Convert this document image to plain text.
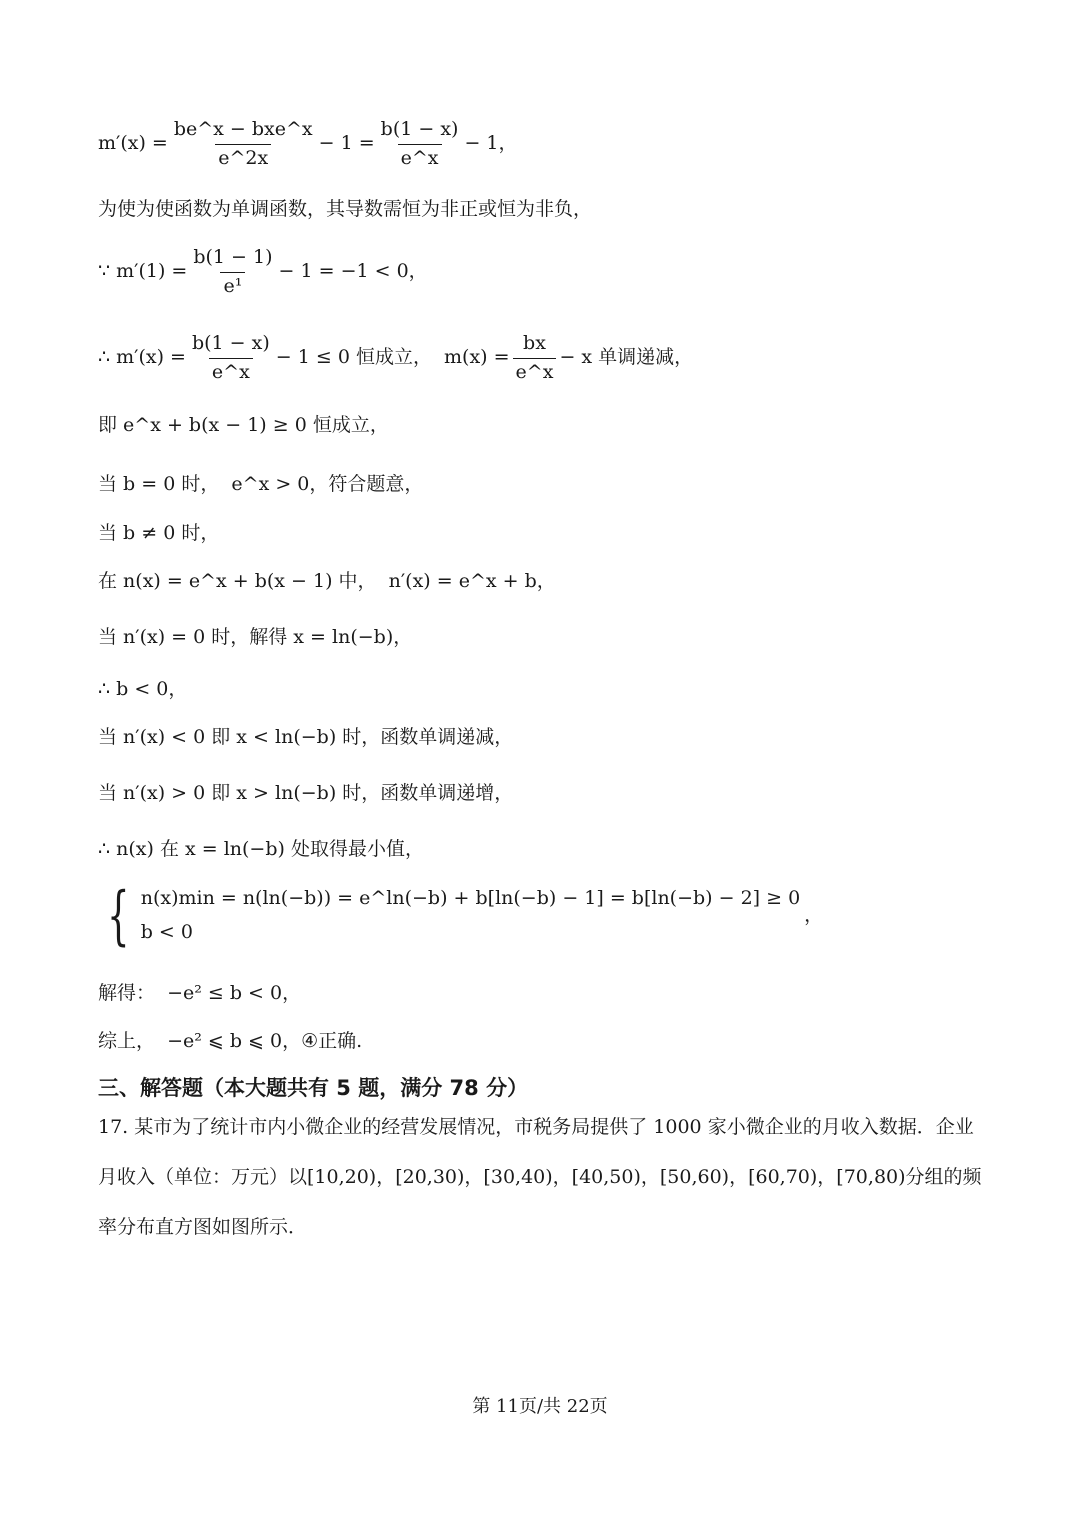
$m'(x) = \frac{\text{be\textasciicircum{}x − bxe\textasciicircum{}x}}{e\^{}2x} - 1 = \frac{b(1 - x)}{e\^{}x} - 1$，
为使为使函数为单调函数，其导数需恒为非正或恒为非负，
∵ $m'(1) = \frac{b(1 - 1)}{\text{e¹}} - 1 = -1 < 0$，
∴ $m'(x) = \frac{b(1 - x)}{e\^{}x} - 1 \le 0$ 恒成立，  $m(x) = \frac{bx}{e\^{}x} - x$ 单调递减，
即 e^x + b(x − 1) ≥ 0 恒成立，
当 b = 0 时，  e^x > 0，符合题意，
当 b ≠ 0 时，
在 n(x) = e^x + b(x − 1) 中，  n′(x) = e^x + b，
当 n′(x) = 0 时，解得 x = ln(−b)，
∴ b < 0，
当 n′(x) < 0 即 x < ln(−b) 时，函数单调递减，
当 n′(x) > 0 即 x > ln(−b) 时，函数单调递增，
∴ n(x) 在 x = ln(−b) 处取得最小值，
{ n(x)min = n(ln(−b)) = e^ln(−b) + b[ln(−b) − 1] = b[ln(−b) − 2] ≥ 0
b < 0
，
解得：  −e² ≤ b < 0，
综上，  −e² ⩽ b ⩽ 0，④正确.
三、解答题（本大题共有 5 题，满分 78 分）
17. 某市为了统计市内小微企业的经营发展情况，市税务局提供了 1000 家小微企业的月收入数据．企业月收入（单位：万元）以[10,20)，[20,30)，[30,40)，[40,50)，[50,60)，[60,70)，[70,80)分组的频率分布直方图如图所示．
第 11页/共 22页
